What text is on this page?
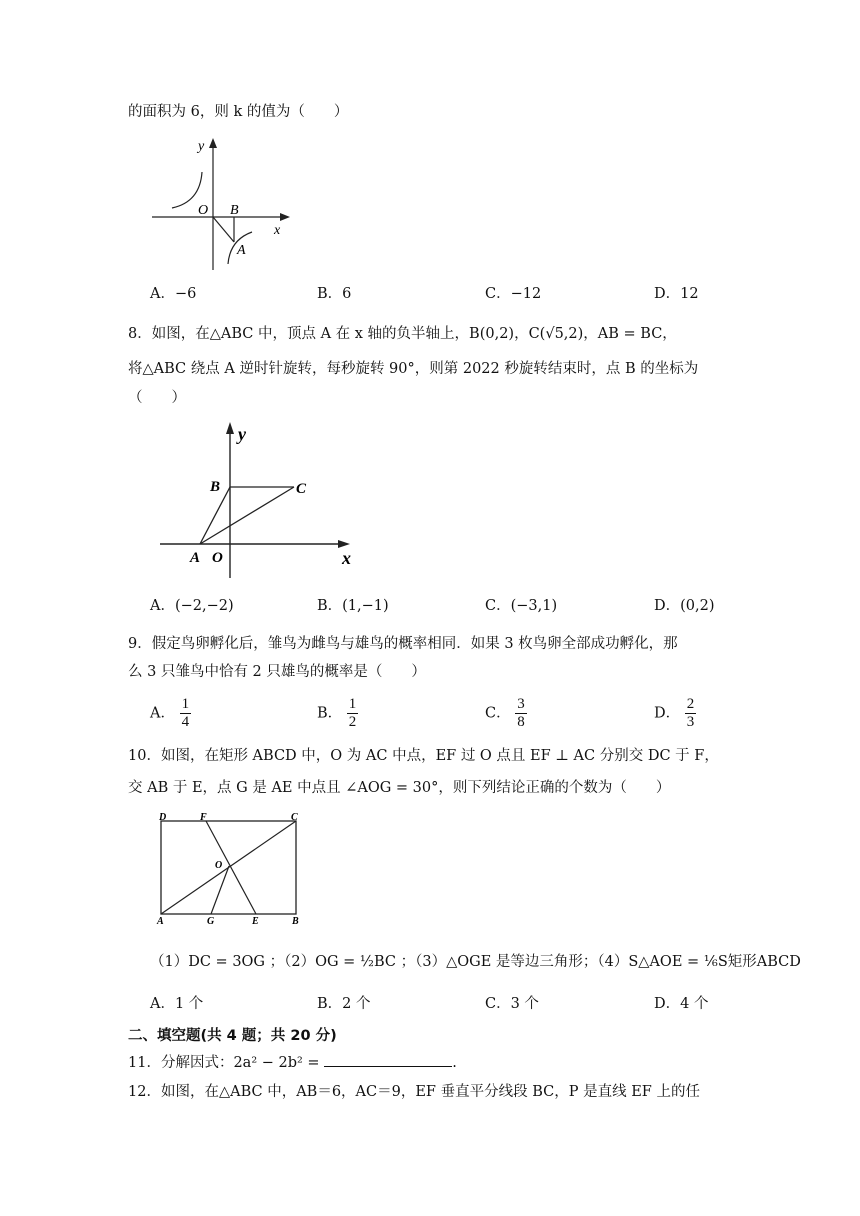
的面积为 6，则 k 的值为（　　）
y
O B
x
A
A．−6	B．6	C．−12	D．12
8．如图，在△ABC 中，顶点 A 在 x 轴的负半轴上，B(0,2)，C(√5,2)，AB = BC，
将△ABC 绕点 A 逆时针旋转，每秒旋转 90°，则第 2022 秒旋转结束时，点 B 的坐标为
（　　）
y
B	C
A O	x
A．(−2,−2)	B．(1,−1)	C．(−3,1)	D．(0,2)
9．假定鸟卵孵化后，雏鸟为雌鸟与雄鸟的概率相同．如果 3 枚鸟卵全部成功孵化，那
么 3 只雏鸟中恰有 2 只雄鸟的概率是（　　）
A． $\frac{1}{4}$	B． $\frac{1}{2}$	C． $\frac{3}{8}$	D． $\frac{2}{3}$
10．如图，在矩形 ABCD 中，O 为 AC 中点，EF 过 O 点且 EF ⊥ AC 分别交 DC 于 F，
交 AB 于 E，点 G 是 AE 中点且 ∠AOG = 30°，则下列结论正确的个数为（　　）
D	F	C
O
A	G	E	B
（1）DC = 3OG ；（2）OG = ½BC ；（3）△OGE 是等边三角形；（4）S△AOE = ⅙S矩形ABCD
A．1 个	B．2 个	C．3 个	D．4 个
二、填空题(共 4 题；共 20 分)
11．分解因式：2a² − 2b² =	.
12．如图，在△ABC 中，AB＝6，AC＝9，EF 垂直平分线段 BC，P 是直线 EF 上的任
